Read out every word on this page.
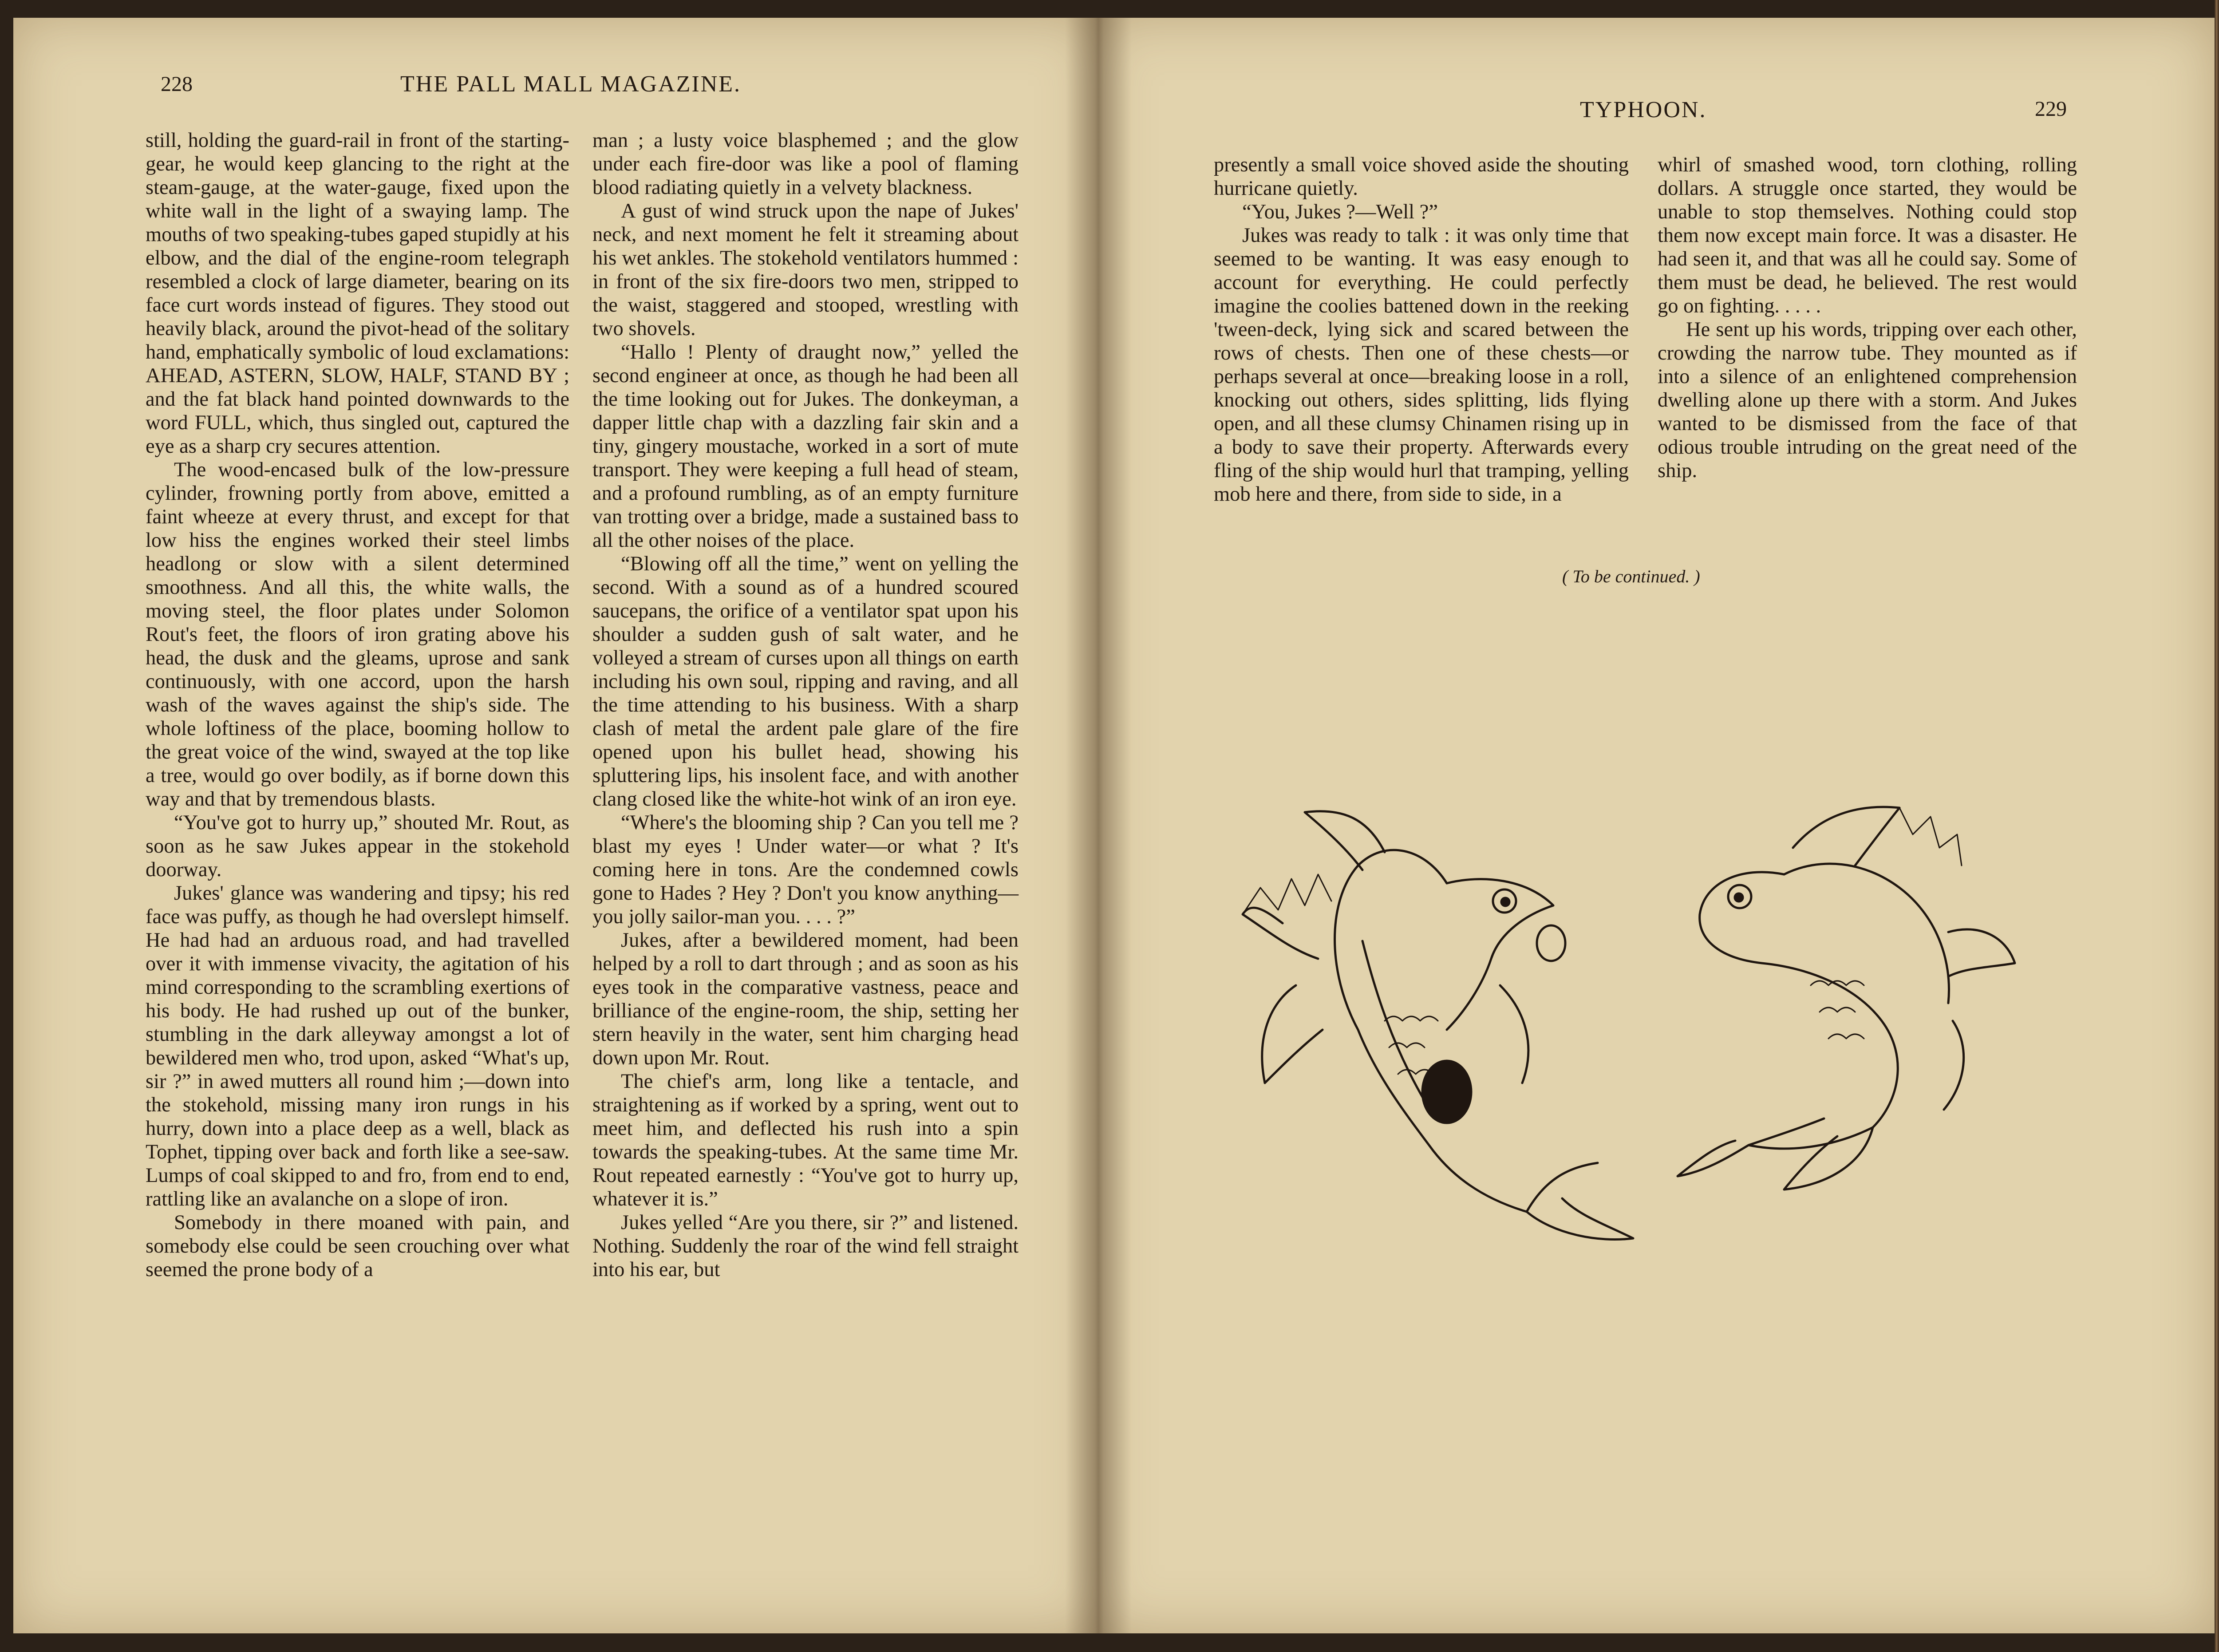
228	THE PALL MALL MAGAZINE.

still, holding the guard-rail in front of the starting-gear, he would keep glancing to the right at the steam-gauge, at the water-gauge, fixed upon the white wall in the light of a swaying lamp. The mouths of two speaking-tubes gaped stupidly at his elbow, and the dial of the engine-room telegraph resembled a clock of large diameter, bearing on its face curt words instead of figures. They stood out heavily black, around the pivot-head of the solitary hand, emphatically symbolic of loud exclamations: AHEAD, ASTERN, SLOW, HALF, STAND BY ; and the fat black hand pointed downwards to the word FULL, which, thus singled out, captured the eye as a sharp cry secures attention.

The wood-encased bulk of the low-pressure cylinder, frowning portly from above, emitted a faint wheeze at every thrust, and except for that low hiss the engines worked their steel limbs headlong or slow with a silent determined smoothness. And all this, the white walls, the moving steel, the floor plates under Solomon Rout's feet, the floors of iron grating above his head, the dusk and the gleams, uprose and sank continuously, with one accord, upon the harsh wash of the waves against the ship's side. The whole loftiness of the place, booming hollow to the great voice of the wind, swayed at the top like a tree, would go over bodily, as if borne down this way and that by tremendous blasts.

“You've got to hurry up,” shouted Mr. Rout, as soon as he saw Jukes appear in the stokehold doorway.

Jukes' glance was wandering and tipsy; his red face was puffy, as though he had overslept himself. He had had an arduous road, and had travelled over it with immense vivacity, the agitation of his mind corresponding to the scrambling exertions of his body. He had rushed up out of the bunker, stumbling in the dark alleyway amongst a lot of bewildered men who, trod upon, asked “What's up, sir ?” in awed mutters all round him ;—down into the stokehold, missing many iron rungs in his hurry, down into a place deep as a well, black as Tophet, tipping over back and forth like a see-saw. Lumps of coal skipped to and fro, from end to end, rattling like an avalanche on a slope of iron.

Somebody in there moaned with pain, and somebody else could be seen crouching over what seemed the prone body of a

man ; a lusty voice blasphemed ; and the glow under each fire-door was like a pool of flaming blood radiating quietly in a velvety blackness.

A gust of wind struck upon the nape of Jukes' neck, and next moment he felt it streaming about his wet ankles. The stokehold ventilators hummed : in front of the six fire-doors two men, stripped to the waist, staggered and stooped, wrestling with two shovels.

“Hallo ! Plenty of draught now,” yelled the second engineer at once, as though he had been all the time looking out for Jukes. The donkeyman, a dapper little chap with a dazzling fair skin and a tiny, gingery moustache, worked in a sort of mute transport. They were keeping a full head of steam, and a profound rumbling, as of an empty furniture van trotting over a bridge, made a sustained bass to all the other noises of the place.

“Blowing off all the time,” went on yelling the second. With a sound as of a hundred scoured saucepans, the orifice of a ventilator spat upon his shoulder a sudden gush of salt water, and he volleyed a stream of curses upon all things on earth including his own soul, ripping and raving, and all the time attending to his business. With a sharp clash of metal the ardent pale glare of the fire opened upon his bullet head, showing his spluttering lips, his insolent face, and with another clang closed like the white-hot wink of an iron eye.

“Where's the blooming ship ? Can you tell me ? blast my eyes ! Under water—or what ? It's coming here in tons. Are the condemned cowls gone to Hades ? Hey ? Don't you know anything—you jolly sailor-man you. . . . ?”

Jukes, after a bewildered moment, had been helped by a roll to dart through ; and as soon as his eyes took in the comparative vastness, peace and brilliance of the engine-room, the ship, setting her stern heavily in the water, sent him charging head down upon Mr. Rout.

The chief's arm, long like a tentacle, and straightening as if worked by a spring, went out to meet him, and deflected his rush into a spin towards the speaking-tubes. At the same time Mr. Rout repeated earnestly : “You've got to hurry up, whatever it is.”

Jukes yelled “Are you there, sir ?” and listened. Nothing. Suddenly the roar of the wind fell straight into his ear, but

TYPHOON.	229

presently a small voice shoved aside the shouting hurricane quietly.

“You, Jukes ?—Well ?”

Jukes was ready to talk : it was only time that seemed to be wanting. It was easy enough to account for everything. He could perfectly imagine the coolies battened down in the reeking 'tween-deck, lying sick and scared between the rows of chests. Then one of these chests—or perhaps several at once—breaking loose in a roll, knocking out others, sides splitting, lids flying open, and all these clumsy Chinamen rising up in a body to save their property. Afterwards every fling of the ship would hurl that tramping, yelling mob here and there, from side to side, in a

whirl of smashed wood, torn clothing, rolling dollars. A struggle once started, they would be unable to stop themselves. Nothing could stop them now except main force. It was a disaster. He had seen it, and that was all he could say. Some of them must be dead, he believed. The rest would go on fighting. . . . .

He sent up his words, tripping over each other, crowding the narrow tube. They mounted as if into a silence of an enlightened comprehension dwelling alone up there with a storm. And Jukes wanted to be dismissed from the face of that odious trouble intruding on the great need of the ship.

( To be continued. )
